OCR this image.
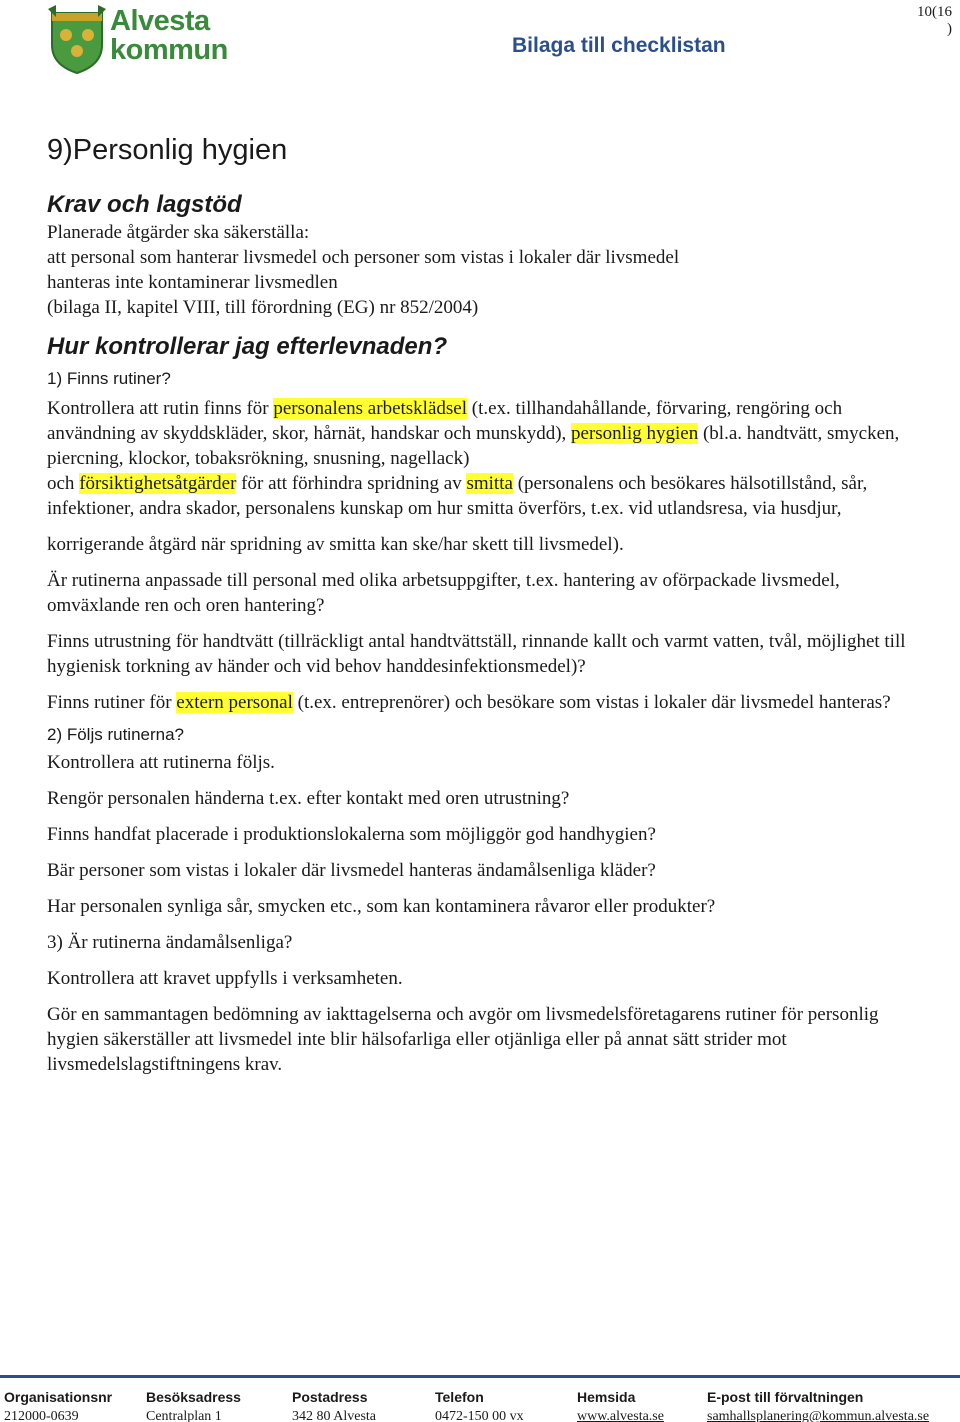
Alvesta
kommun
10(16
)
Bilaga till checklistan
9)Personlig hygien
Krav och lagstöd

Planerade åtgärder ska säkerställa:

att personal som hanterar livsmedel och personer som vistas i lokaler där livsmedel

hanteras inte kontaminerar livsmedlen

(bilaga II, kapitel VIII, till förordning (EG) nr 852/2004)

Hur kontrollerar jag efterlevnaden?
1) Finns rutiner?

Kontrollera att rutin finns för personalens arbetsklädsel (t.ex. tillhandahållande, förvaring, rengöring och användning av skyddskläder, skor, hårnät, handskar och munskydd), personlig hygien (bl.a. handtvätt, smycken, piercning, klockor, tobaksrökning, snusning, nagellack)

och försiktighetsåtgärder för att förhindra spridning av smitta (personalens och besökares hälsotillstånd, sår, infektioner, andra skador, personalens kunskap om hur smitta överförs, t.ex. vid utlandsresa, via husdjur,

korrigerande åtgärd när spridning av smitta kan ske/har skett till livsmedel).

Är rutinerna anpassade till personal med olika arbetsuppgifter, t.ex. hantering av oförpackade livsmedel, omväxlande ren och oren hantering?

Finns utrustning för handtvätt (tillräckligt antal handtvättställ, rinnande kallt och varmt vatten, tvål, möjlighet till hygienisk torkning av händer och vid behov handdesinfektionsmedel)?

Finns rutiner för extern personal (t.ex. entreprenörer) och besökare som vistas i lokaler där livsmedel hanteras?

2) Följs rutinerna?

Kontrollera att rutinerna följs.

Rengör personalen händerna t.ex. efter kontakt med oren utrustning?

Finns handfat placerade i produktionslokalerna som möjliggör god handhygien?

Bär personer som vistas i lokaler där livsmedel hanteras ändamålsenliga kläder?

Har personalen synliga sår, smycken etc., som kan kontaminera råvaror eller produkter?

3) Är rutinerna ändamålsenliga?

Kontrollera att kravet uppfylls i verksamheten.

Gör en sammantagen bedömning av iakttagelserna och avgör om livsmedelsföretagarens rutiner för personlig hygien säkerställer att livsmedel inte blir hälsofarliga eller otjänliga eller på annat sätt strider mot livsmedelslagstiftningens krav.

Organisationsnr
212000-0639
Besöksadress
Centralplan 1
Postadress
342 80 Alvesta
Telefon
0472-150 00 vx
Hemsida
www.alvesta.se
E-post till förvaltningen
samhallsplanering@kommun.alvesta.se
